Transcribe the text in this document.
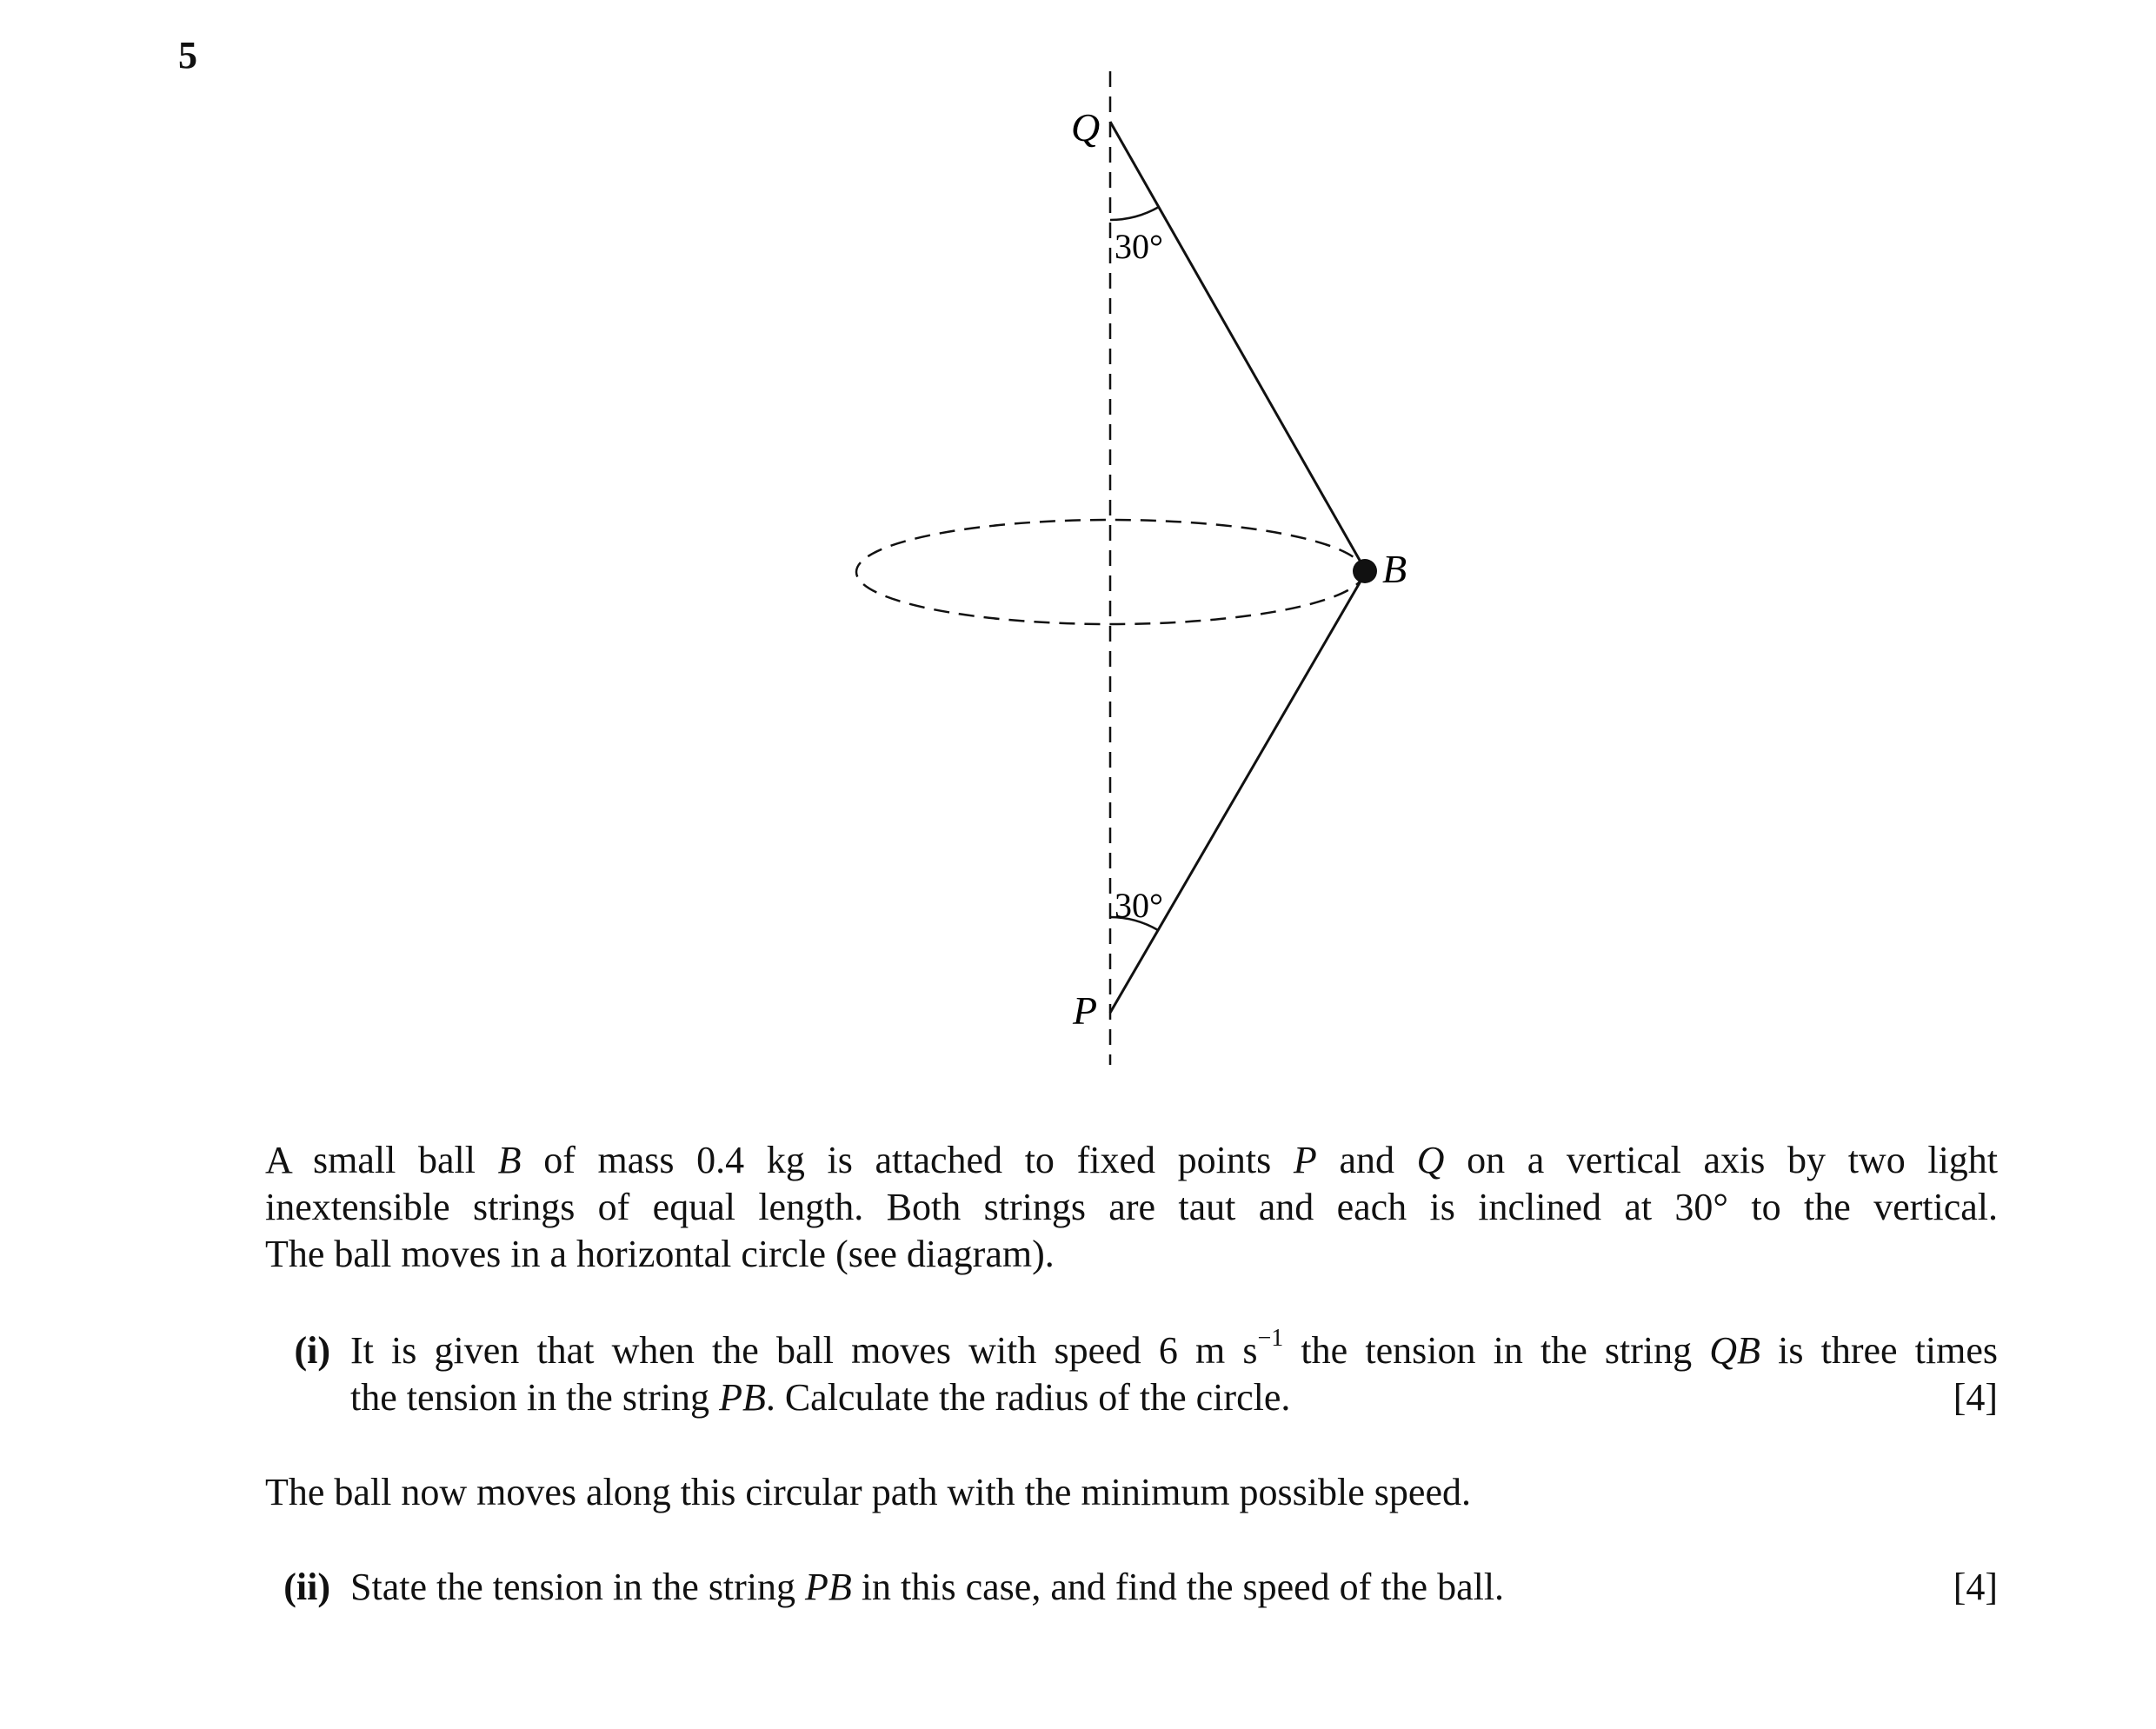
5
Q
B
P
30°
30°
A small ball B of mass 0.4 kg is attached to fixed points P and Q on a vertical axis by two light
inextensible strings of equal length. Both strings are taut and each is inclined at 30° to the vertical.
The ball moves in a horizontal circle (see diagram).
(i) It is given that when the ball moves with speed 6 m $s^{-1}$ the tension in the string QB is three times
the tension in the string PB. Calculate the radius of the circle.	[4]
The ball now moves along this circular path with the minimum possible speed.
(ii) State the tension in the string PB in this case, and find the speed of the ball.	[4]
